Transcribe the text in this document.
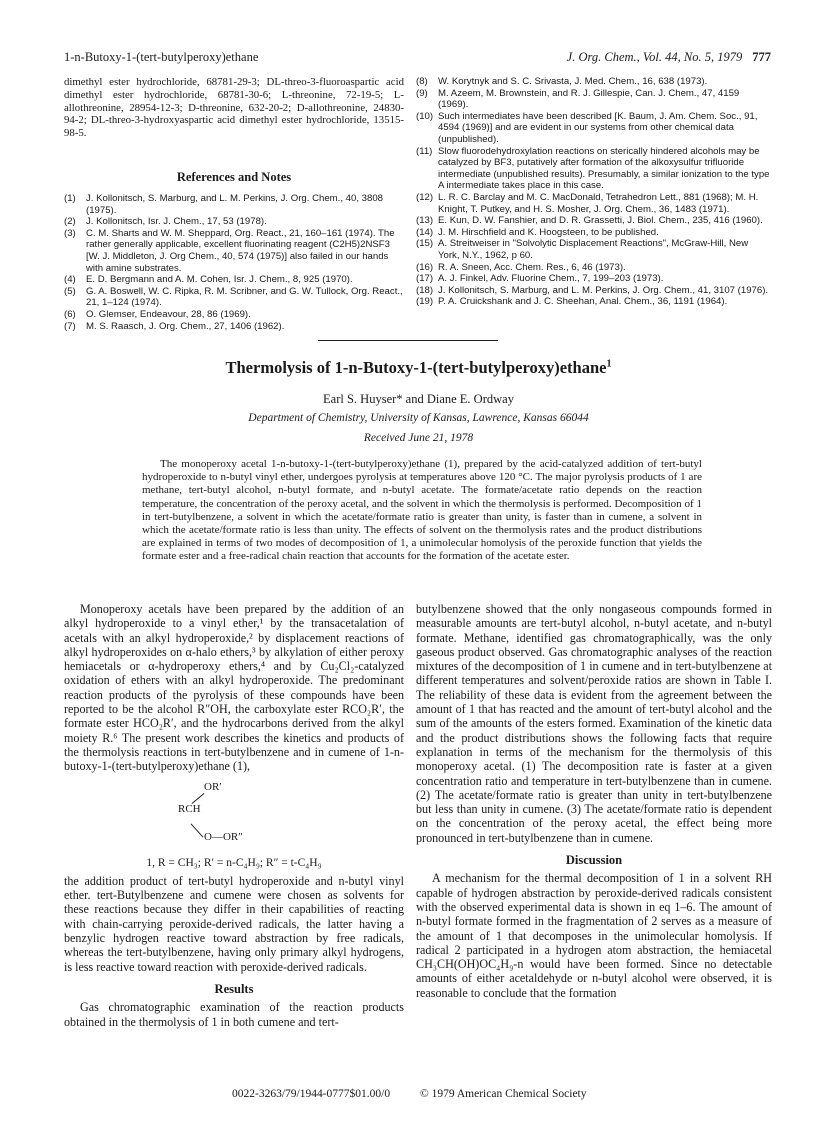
1-n-Butoxy-1-(tert-butylperoxy)ethane	J. Org. Chem., Vol. 44, No. 5, 1979 777
dimethyl ester hydrochloride, 68781-29-3; DL-threo-3-fluoroaspartic acid dimethyl ester hydrochloride, 68781-30-6; L-threonine, 72-19-5; L-allothreonine, 28954-12-3; D-threonine, 632-20-2; D-allothreonine, 24830-94-2; DL-threo-3-hydroxyaspartic acid dimethyl ester hydrochloride, 13515-98-5.
References and Notes
(1) J. Kollonitsch, S. Marburg, and L. M. Perkins, J. Org. Chem., 40, 3808 (1975).
(2) J. Kollonitsch, Isr. J. Chem., 17, 53 (1978).
(3) C. M. Sharts and W. M. Sheppard, Org. React., 21, 160–161 (1974). The rather generally applicable, excellent fluorinating reagent (C2H5)2NSF3 [W. J. Middleton, J. Org Chem., 40, 574 (1975)] also failed in our hands with amine substrates.
(4) E. D. Bergmann and A. M. Cohen, Isr. J. Chem., 8, 925 (1970).
(5) G. A. Boswell, W. C. Ripka, R. M. Scribner, and G. W. Tullock, Org. React., 21, 1–124 (1974).
(6) O. Glemser, Endeavour, 28, 86 (1969).
(7) M. S. Raasch, J. Org. Chem., 27, 1406 (1962).
(8) W. Korytnyk and S. C. Srivasta, J. Med. Chem., 16, 638 (1973).
(9) M. Azeem, M. Brownstein, and R. J. Gillespie, Can. J. Chem., 47, 4159 (1969).
(10) Such intermediates have been described [K. Baum, J. Am. Chem. Soc., 91, 4594 (1969)] and are evident in our systems from other chemical data (unpublished).
(11) Slow fluorodehydroxylation reactions on sterically hindered alcohols may be catalyzed by BF3, putatively after formation of the alkoxysulfur trifluoride intermediate (unpublished results). Presumably, a similar ionization to the type A intermediate takes place in this case.
(12) L. R. C. Barclay and M. C. MacDonald, Tetrahedron Lett., 881 (1968); M. H. Knight, T. Putkey, and H. S. Mosher, J. Org. Chem., 36, 1483 (1971).
(13) E. Kun, D. W. Fanshier, and D. R. Grassetti, J. Biol. Chem., 235, 416 (1960).
(14) J. M. Hirschfield and K. Hoogsteen, to be published.
(15) A. Streitweiser in "Solvolytic Displacement Reactions", McGraw-Hill, New York, N.Y., 1962, p 60.
(16) R. A. Sneen, Acc. Chem. Res., 6, 46 (1973).
(17) A. J. Finkel, Adv. Fluorine Chem., 7, 199–203 (1973).
(18) J. Kollonitsch, S. Marburg, and L. M. Perkins, J. Org. Chem., 41, 3107 (1976).
(19) P. A. Cruickshank and J. C. Sheehan, Anal. Chem., 36, 1191 (1964).
Thermolysis of 1-n-Butoxy-1-(tert-butylperoxy)ethane$^1$
Earl S. Huyser* and Diane E. Ordway
Department of Chemistry, University of Kansas, Lawrence, Kansas 66044
Received June 21, 1978
The monoperoxy acetal 1-n-butoxy-1-(tert-butylperoxy)ethane (1), prepared by the acid-catalyzed addition of tert-butyl hydroperoxide to n-butyl vinyl ether, undergoes pyrolysis at temperatures above 120 °C. The major pyrolysis products of 1 are methane, tert-butyl alcohol, n-butyl formate, and n-butyl acetate. The formate/acetate ratio depends on the reaction temperature, the concentration of the peroxy acetal, and the solvent in which the thermolysis is performed. Decomposition of 1 in tert-butylbenzene, a solvent in which the acetate/formate ratio is greater than unity, is faster than in cumene, a solvent in which the acetate/formate ratio is less than unity. The effects of solvent on the thermolysis rates and the product distributions are explained in terms of two modes of decomposition of 1, a unimolecular homolysis of the peroxide function that yields the formate ester and a free-radical chain reaction that accounts for the formation of the acetate ester.

Monoperoxy acetals have been prepared by the addition of an alkyl hydroperoxide to a vinyl ether,¹ by the transacetalation of acetals with an alkyl hydroperoxide,² by displacement reactions of alkyl hydroperoxides on α-halo ethers,³ by alkylation of either peroxy hemiacetals or α-hydroperoxy ethers,⁴ and by Cu₂Cl₂-catalyzed oxidation of ethers with an alkyl hydroperoxide. The predominant reaction products of the pyrolysis of these compounds have been reported to be the alcohol R″OH, the carboxylate ester RCO₂R′, the formate ester HCO₂R′, and the hydrocarbons derived from the alkyl moiety R.⁶ The present work describes the kinetics and products of the thermolysis reactions in tert-butylbenzene and in cumene of 1-n-butoxy-1-(tert-butylperoxy)ethane (1),

OR′
RCH
O—OR″
1, R = CH₃; R′ = n-C₄H₉; R″ = t-C₄H₉

the addition product of tert-butyl hydroperoxide and n-butyl vinyl ether. tert-Butylbenzene and cumene were chosen as solvents for these reactions because they differ in their capabilities of reacting with chain-carrying peroxide-derived radicals, the latter having a benzylic hydrogen reactive toward abstraction by free radicals, whereas the tert-butylbenzene, having only primary alkyl hydrogens, is less reactive toward reaction with peroxide-derived radicals.

Results

Gas chromatographic examination of the reaction products obtained in the thermolysis of 1 in both cumene and tert-

butylbenzene showed that the only nongaseous compounds formed in measurable amounts are tert-butyl alcohol, n-butyl acetate, and n-butyl formate. Methane, identified gas chromatographically, was the only gaseous product observed. Gas chromatographic analyses of the reaction mixtures of the decomposition of 1 in cumene and in tert-butylbenzene at different temperatures and solvent/peroxide ratios are shown in Table I. The reliability of these data is evident from the agreement between the amount of 1 that has reacted and the amount of tert-butyl alcohol and the sum of the amounts of the esters formed. Examination of the kinetic data and the product distributions shows the following facts that require explanation in terms of the mechanism for the thermolysis of this monoperoxy acetal. (1) The decomposition rate is faster at a given concentration ratio and temperature in tert-butylbenzene than in cumene. (2) The acetate/formate ratio is greater than unity in tert-butylbenzene but less than unity in cumene. (3) The acetate/formate ratio is dependent on the concentration of the peroxy acetal, the effect being more pronounced in tert-butylbenzene than in cumene.

Discussion

A mechanism for the thermal decomposition of 1 in a solvent RH capable of hydrogen abstraction by peroxide-derived radicals consistent with the observed experimental data is shown in eq 1–6. The amount of n-butyl formate formed in the fragmentation of 2 serves as a measure of the amount of 1 that decomposes in the unimolecular homolysis. If radical 2 participated in a hydrogen atom abstraction, the hemiacetal CH₃CH(OH)OC₄H₉-n would have been formed. Since no detectable amounts of either acetaldehyde or n-butyl alcohol were observed, it is reasonable to conclude that the formation

0022-3263/79/1944-0777$01.00/0	© 1979 American Chemical Society
